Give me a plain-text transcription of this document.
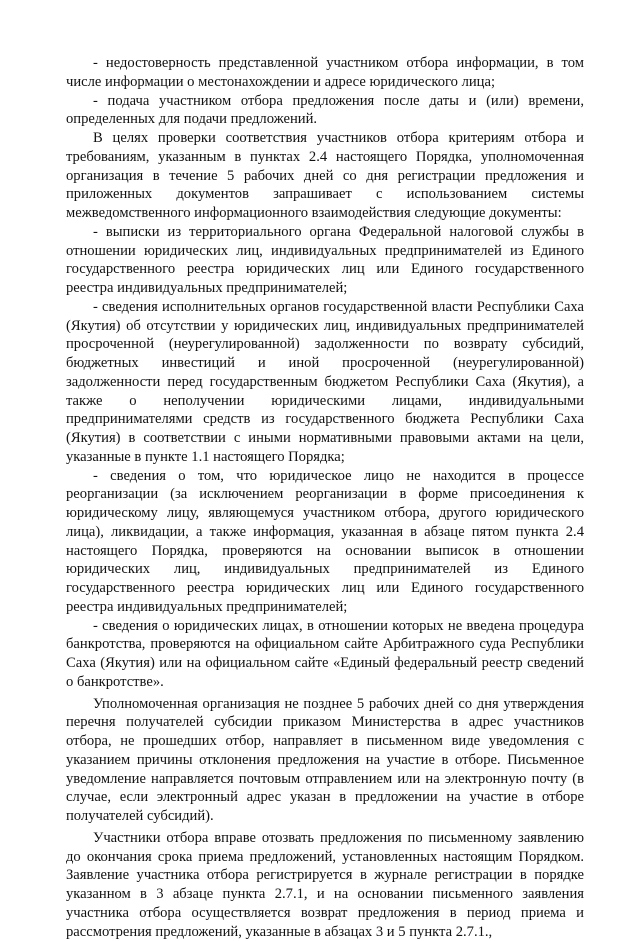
- недостоверность представленной участником отбора информации, в том числе информации о местонахождении и адресе юридического лица;

- подача участником отбора предложения после даты и (или) времени, определенных для подачи предложений.

В целях проверки соответствия участников отбора критериям отбора и требованиям, указанным в пунктах 2.4 настоящего Порядка, уполномоченная организация в течение 5 рабочих дней со дня регистрации предложения и приложенных документов запрашивает с использованием системы межведомственного информационного взаимодействия следующие документы:

- выписки из территориального органа Федеральной налоговой службы в отношении юридических лиц, индивидуальных предпринимателей из Единого государственного реестра юридических лиц или Единого государственного реестра индивидуальных предпринимателей;

- сведения исполнительных органов государственной власти Республики Саха (Якутия) об отсутствии у юридических лиц, индивидуальных предпринимателей просроченной (неурегулированной) задолженности по возврату субсидий, бюджетных инвестиций и иной просроченной (неурегулированной) задолженности перед государственным бюджетом Республики Саха (Якутия), а также о неполучении юридическими лицами, индивидуальными предпринимателями средств из государственного бюджета Республики Саха (Якутия) в соответствии с иными нормативными правовыми актами на цели, указанные в пункте 1.1 настоящего Порядка;

- сведения о том, что юридическое лицо не находится в процессе реорганизации (за исключением реорганизации в форме присоединения к юридическому лицу, являющемуся участником отбора, другого юридического лица), ликвидации, а также информация, указанная в абзаце пятом пункта 2.4 настоящего Порядка, проверяются на основании выписок в отношении юридических лиц, индивидуальных предпринимателей из Единого государственного реестра юридических лиц или Единого государственного реестра индивидуальных предпринимателей;

- сведения о юридических лицах, в отношении которых не введена процедура банкротства, проверяются на официальном сайте Арбитражного суда Республики Саха (Якутия) или на официальном сайте «Единый федеральный реестр сведений о банкротстве».

Уполномоченная организация не позднее 5 рабочих дней со дня утверждения перечня получателей субсидии приказом Министерства в адрес участников отбора, не прошедших отбор, направляет в письменном виде уведомления с указанием причины отклонения предложения на участие в отборе. Письменное уведомление направляется почтовым отправлением или на электронную почту (в случае, если электронный адрес указан в предложении на участие в отборе получателей субсидий).

Участники отбора вправе отозвать предложения по письменному заявлению до окончания срока приема предложений, установленных настоящим Порядком. Заявление участника отбора регистрируется в журнале регистрации в порядке указанном в 3 абзаце пункта 2.7.1, и на основании письменного заявления участника отбора осуществляется возврат предложения в период приема и рассмотрения предложений, указанные в абзацах 3 и 5 пункта 2.7.1.,
